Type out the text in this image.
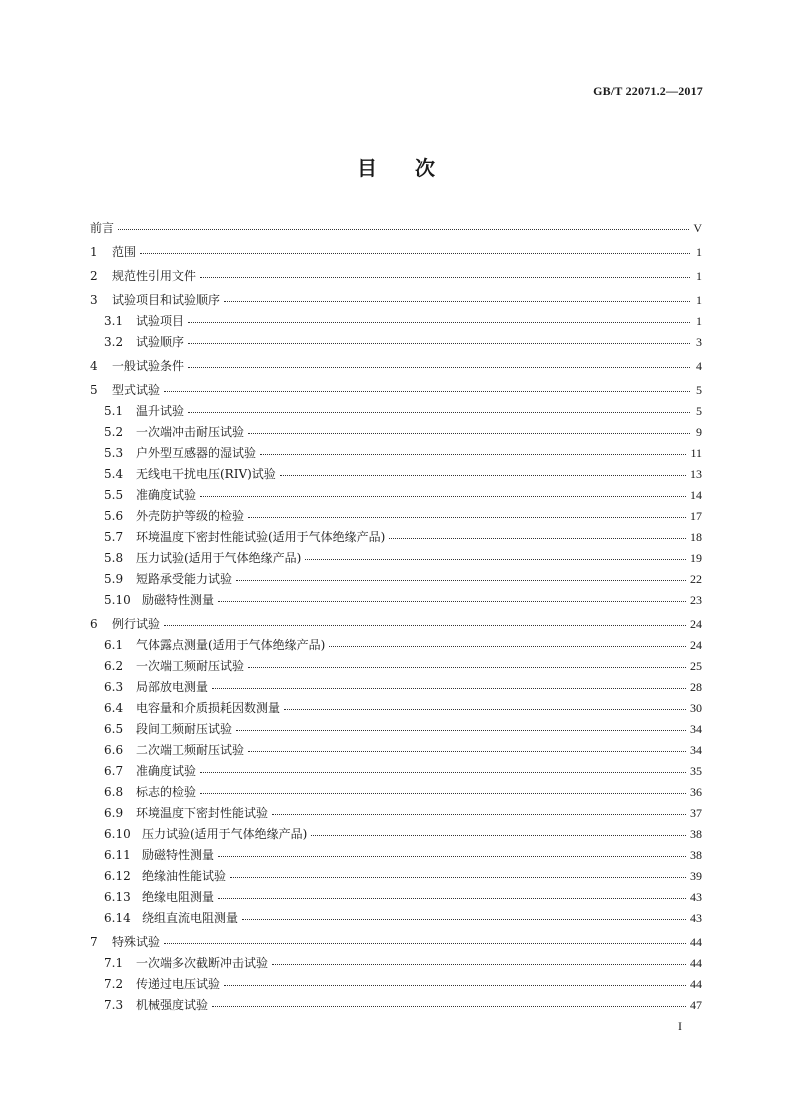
GB/T 22071.2—2017
目次
前言	V
1	范围	1
2	规范性引用文件	1
3	试验项目和试验顺序	1
3.1	试验项目	1
3.2	试验顺序	3
4	一般试验条件	4
5	型式试验	5
5.1	温升试验	5
5.2	一次端冲击耐压试验	9
5.3	户外型互感器的湿试验	11
5.4	无线电干扰电压(RIV)试验	13
5.5	准确度试验	14
5.6	外壳防护等级的检验	17
5.7	环境温度下密封性能试验(适用于气体绝缘产品)	18
5.8	压力试验(适用于气体绝缘产品)	19
5.9	短路承受能力试验	22
5.10 励磁特性测量	23
6	例行试验	24
6.1	气体露点测量(适用于气体绝缘产品)	24
6.2	一次端工频耐压试验	25
6.3	局部放电测量	28
6.4	电容量和介质损耗因数测量	30
6.5	段间工频耐压试验	34
6.6	二次端工频耐压试验	34
6.7	准确度试验	35
6.8	标志的检验	36
6.9	环境温度下密封性能试验	37
6.10 压力试验(适用于气体绝缘产品)	38
6.11 励磁特性测量	38
6.12 绝缘油性能试验	39
6.13 绝缘电阻测量	43
6.14 绕组直流电阻测量	43
7	特殊试验	44
7.1	一次端多次截断冲击试验	44
7.2	传递过电压试验	44
7.3	机械强度试验	47
I
